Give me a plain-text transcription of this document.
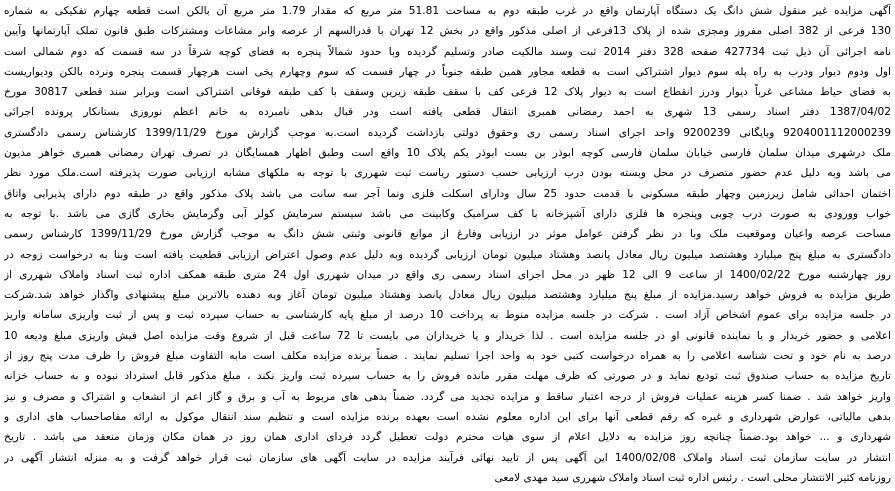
آگهی مزایده غیر منقول شش دانگ یک دستگاه آپارتمان واقع در غرب طبقه دوم به مساحت 51.81 متر مربع که مقدار 1.79 متر مربع آن بالکن است قطعه چهارم تفکیکی به شماره
130 فرعی از 382 اصلی مفروز ومجزی شده از پلاک 13فرعی از اصلی مذکور واقع در بخش 12 تهران با قدرالسهم از عرصه وابر مشاعات ومشترکات طبق قانون تملک آپارتمانها وآیین
نامه اجرائی آن ذیل ثبت 427734 صفحه 328 دفتر 2014 ثبت وسند مالکیت صادر وتسلیم گردیده وبا حدود شمالاً پنجره به فضای کوچه شرقاً در سه قسمت که دوم شمالی است
اول ودوم دیوار ودرب به راه پله سوم دیوار اشتراکی است به قطعه مجاور همین طبقه جنوباً در چهار قسمت که سوم وچهارم پخی است هرچهار قسمت پنجره ونرده بالکن وديواريست
به فضای حیاط مشاعی غرباً دیوار ودرز انقطاع است به دیوار پلاک 12 فرعی کف با سقف طبقه زیرین وسقف با کف طبقه فوقانی اشتراکی است وبرابر سند قطعی 30817 مورخ
1387/04/02 دفتر اسناد رسمی 13 شهری به احمد رمضانی همبری انتقال قطعی یافته است ودر قبال بدهی نامبرده به خانم اعظم نوروزی بستانکار پرونده اجرائی
9204001112000239 وبایگانی 9200239 واحد اجرای اسناد رسمی ری وحقوق دولتی بازداشت گردیده است.به موجب گزارش مورخ 1399/11/29 کارشناس رسمی دادگستری
ملک درشهری میدان سلمان فارسی خیابان سلمان فارسی کوچه ابوذر بن بست ابوذر یکم پلاک 10 واقع است وطبق اظهار همسایگان در تصرف تهران رمضانی همبری خواهر مدیون
می باشد وبه دلیل عدم حضور متصرف در محل وبسته بودن درب ارزیابی حسب دستور ریاست ثبت شهرری با توجه به ملکهای مشابه ارزیابی صورت پذیرفته است.ملک مورد نظر
اختمان احداثی شامل زیرزمین وچهار طبقه مسکونی با قدمت حدود 25 سال ودارای اسکلت فلزی ونما آجر سه سانت می باشد پلاک مذکور واقع در طبقه دوم دارای پذیرایی واتاق
خواب وورودی به صورت درب چوبی وپنجره ها فلزی دارای آشپزخانه با کف سرامیک وکابینت می باشد سیستم سرمایش کولر آبی وگرمایش بخاری گازی می باشد .با توجه به
مساحت عرصه واعیان وموقعیت ملک وبا در نظر گرفتن عوامل موثر در ارزیابی وفارغ از موانع قانونی وثبتی شش دانگ به موجب گزارش مورخ 1399/11/29 کارشناس رسمی
دادگستری به مبلغ پنج میلیارد وهشتصد میلیون ریال معادل پانصد وهشتاد میلیون تومان ارزیابی گردیده وبه دلیل عدم وصول اعتراض ارزیابی قطعیت یافته است وبنا به درخواست زوجه در
روز چهارشنبه مورخ 1400/02/22 از ساعت 9 الی 12 ظهر در محل اجرای اسناد رسمی ری واقع در میدان شهرری اول 24 متری طبقه همکف اداره ثبت اسناد واملاک شهرری از
طریق مزایده به فروش خواهد رسید.مزایده از مبلغ پنج میلیارد وهشتصد میلیون ریال معادل پانصد وهشتاد میلیون تومان آغاز وبه دهنده بالاترین مبلغ پیشنهادی واگذار خواهد شد.شرکت
در جلسه مزایده برای عموم اشخاص آزاد است . شرکت در جلسه مزایده منوط به پرداخت 10 درصد از مبلغ پایه کارشناسی به حساب سپرده ثبت و پس از ثبت واریزی سامانه واریز
اعلامی و حضور خریدار و یا نماینده قانونی او در جلسه مزایده است . لذا خریدار و یا خریداران می بایست تا 72 ساعت قبل از شروع وقت مزایده اصل فیش واریزی مبلغ ودیعه 10
درصد به نام خود و تحت شناسه اعلامی را به همراه درخواست کتبی خود به واحد اجرا تسلیم نمایند . ضمناً برنده مزایده مکلف است مابه التفاوت مبلغ فروش را ظرف مدت پنج روز از
تاریخ مزایده به حساب صندوق ثبت تودیع نماید و در صورتی که ظرف مهلت مقرر مانده فروش را به حساب سپرده ثبت واریز نکند ، مبلغ مذکور قابل استرداد نبوده و به حساب خزانه
واریز خواهد شد . ضمنا کسر هزینه عملیات فروش از درجه اعتبار ساقط و مزایده تجدید می گردد. ضمناً بدهی های مربوط به آب و برق و گاز اعم از انشعاب و اشتراک و مصرف و نیز
بدهی مالیاتی، عوارض شهرداری و غیره که رقم قطعی آنها برای این اداره معلوم نشده است بعهده برنده مزایده است و تنظیم سند انتقال موکول به ارائه مفاصاحساب های اداری و
شهرداری و ... خواهد بود.ضمناً چنانچه روز مزایده به دلایل اعلام از سوی هیات محترم دولت تعطیل گردد فردای اداری همان روز در همان مکان وزمان منعقد می باشد . تاریخ
انتشار در سایت سازمان ثبت اسناد واملاک 1400/02/08 این آگهی پس از تایید نهائی فرآیند مزایده در سایت آگهی های سازمان ثبت قرار خواهد گرفت و به منزله انتشار آگهی در
روزنامه کثیر الانتشار محلی است . رئیس اداره ثبت اسناد واملاک شهرری سید مهدی لامعی
